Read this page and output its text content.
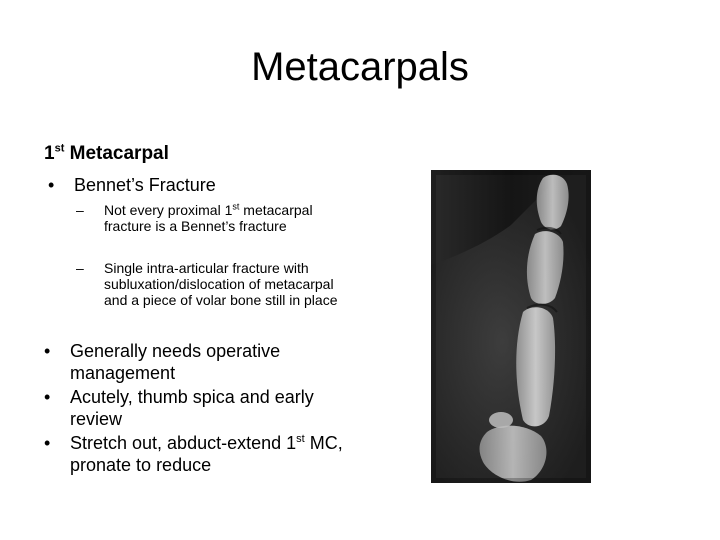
Metacarpals
1st Metacarpal
• Bennet’s Fracture
– Not every proximal 1st metacarpal fracture is a Bennet’s fracture
– Single intra-articular fracture with subluxation/dislocation of metacarpal and a piece of volar bone still in place
• Generally needs operative management
• Acutely, thumb spica and early review
• Stretch out, abduct-extend 1st MC, pronate to reduce
